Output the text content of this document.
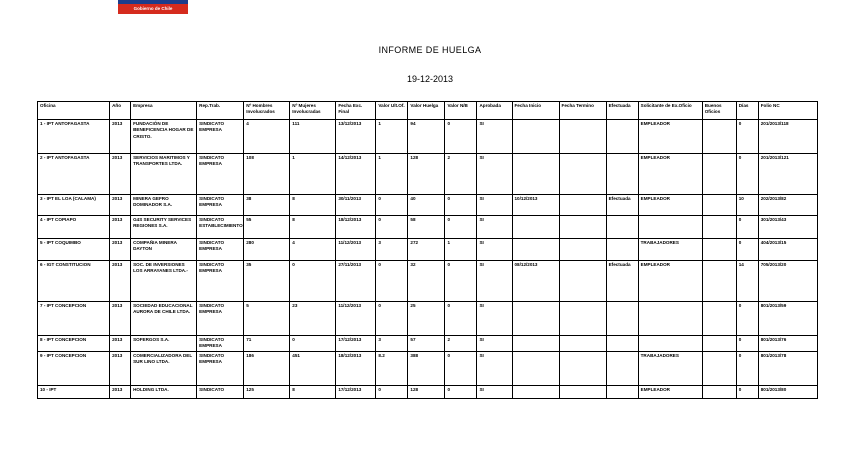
Gobierno de Chile
INFORME DE HUELGA
19-12-2013
Oficina	Año	Empresa	Rep.Trab.	Nº Hombres Involucrados	Nº Mujeres Involucradas	Fecha Exc. Final	Valor Ult.Of.	Valor Huelga	Valor N/B	Aprobada	Fecha Inicio	Fecha Termino	Efectuada	Solicitante de Ex.Oficio	Buenos Oficios	Días	Folio NC
1 - IPT ANTOFAGASTA	2013	FUNDACIÓN DE BENEFICENCIA HOGAR DE CRISTO.	SINDICATO EMPRESA	4	111	13/12/2013	1	94	0	SI				EMPLEADOR		0	201/2013/118
2 - IPT ANTOFAGASTA	2013	SERVICIOS MARITIMOS Y TRANSPORTES LTDA.	SINDICATO EMPRESA	108	1	14/12/2013	1	128	2	SI				EMPLEADOR		0	201/2013/121
3 - IPT EL LOA (CALAMA)	2013	MINERA GEFRO DOMINADOR S.A.	SINDICATO EMPRESA	38	8	30/11/2013	0	40	0	SI	10/12/2013		Efectuada	EMPLEADOR		10	202/2013/82
4 - IPT COPIAPO	2013	G4S SECURITY SERVICES REGIONES S.A.	SINDICATO ESTABLECIMIENTO	55	8	18/12/2013	0	58	0	SI						0	301/2013/43
5 - IPT COQUIMBO	2013	COMPAÑIA MINERA DAYTON	SINDICATO EMPRESA	280	4	11/12/2013	3	272	1	SI				TRABAJADORES		0	404/2013/15
6 - IGT CONSTITUCION	2013	SOC. DE INVERSIONES LOS ARRAYANES LTDA.-	SINDICATO EMPRESA	35	0	27/11/2013	0	32	0	SI	08/12/2013		Efectuada	EMPLEADOR		14	705/2013/20
7 - IPT CONCEPCION	2013	SOCIEDAD EDUCACIONAL AURORA DE CHILE LTDA.	SINDICATO EMPRESA	5	23	11/12/2013	0	25	0	SI						0	801/2013/59
8 - IPT CONCEPCION	2013	SOFERGOS S.A.	SINDICATO EMPRESA	71	0	17/12/2013	3	57	2	SI						0	801/2013/76
9 - IPT CONCEPCION	2013	COMERCIALIZADORA DEL SUR LINO LTDA.	SINDICATO EMPRESA	186	451	18/12/2013	8.2	388	0	SI				TRABAJADORES		0	801/2013/78
10 - IPT	2013	HOLDING LTDA.	SINDICATO	125	8	17/12/2013	0	128	0	SI				EMPLEADOR		0	801/2013/80
